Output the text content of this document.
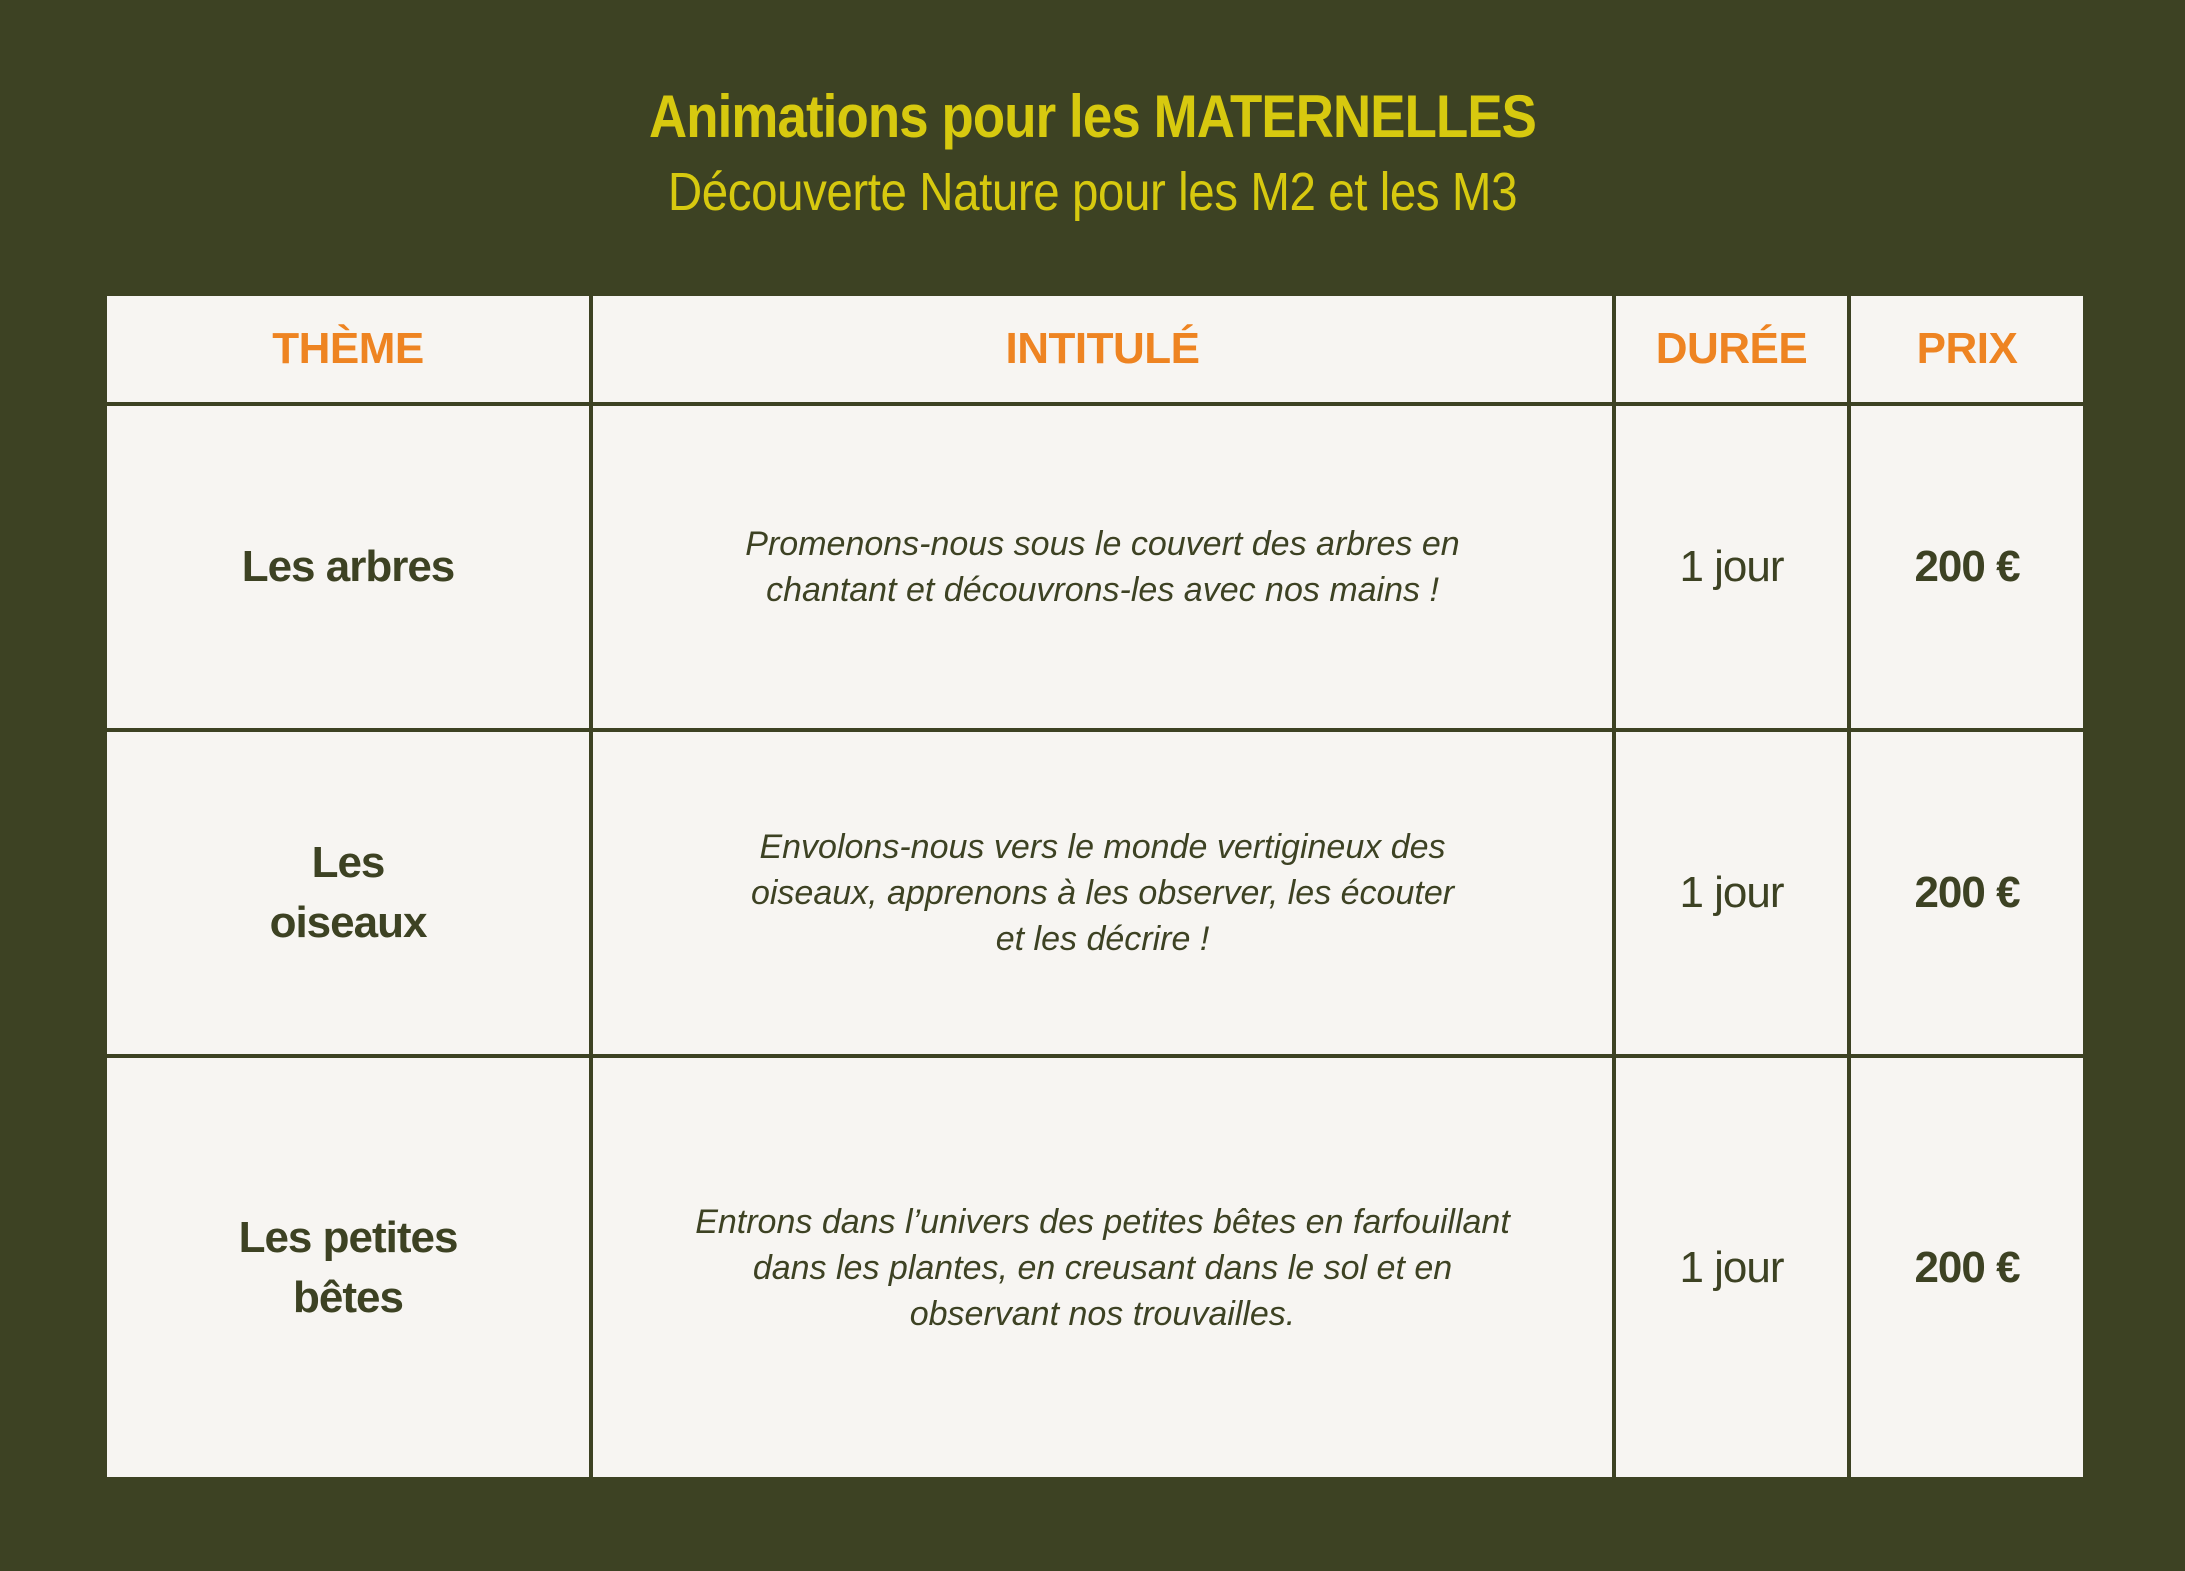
Animations pour les MATERNELLES
Découverte Nature pour les M2 et les M3
THÈME	INTITULÉ	DURÉE	PRIX
Les arbres	Promenons-nous sous le couvert des arbres en chantant et découvrons-les avec nos mains !	1 jour	200 €
Les oiseaux	Envolons-nous vers le monde vertigineux des oiseaux, apprenons à les observer, les écouter et les décrire !	1 jour	200 €
Les petites bêtes	Entrons dans l’univers des petites bêtes en farfouillant dans les plantes, en creusant dans le sol et en observant nos trouvailles.	1 jour	200 €
